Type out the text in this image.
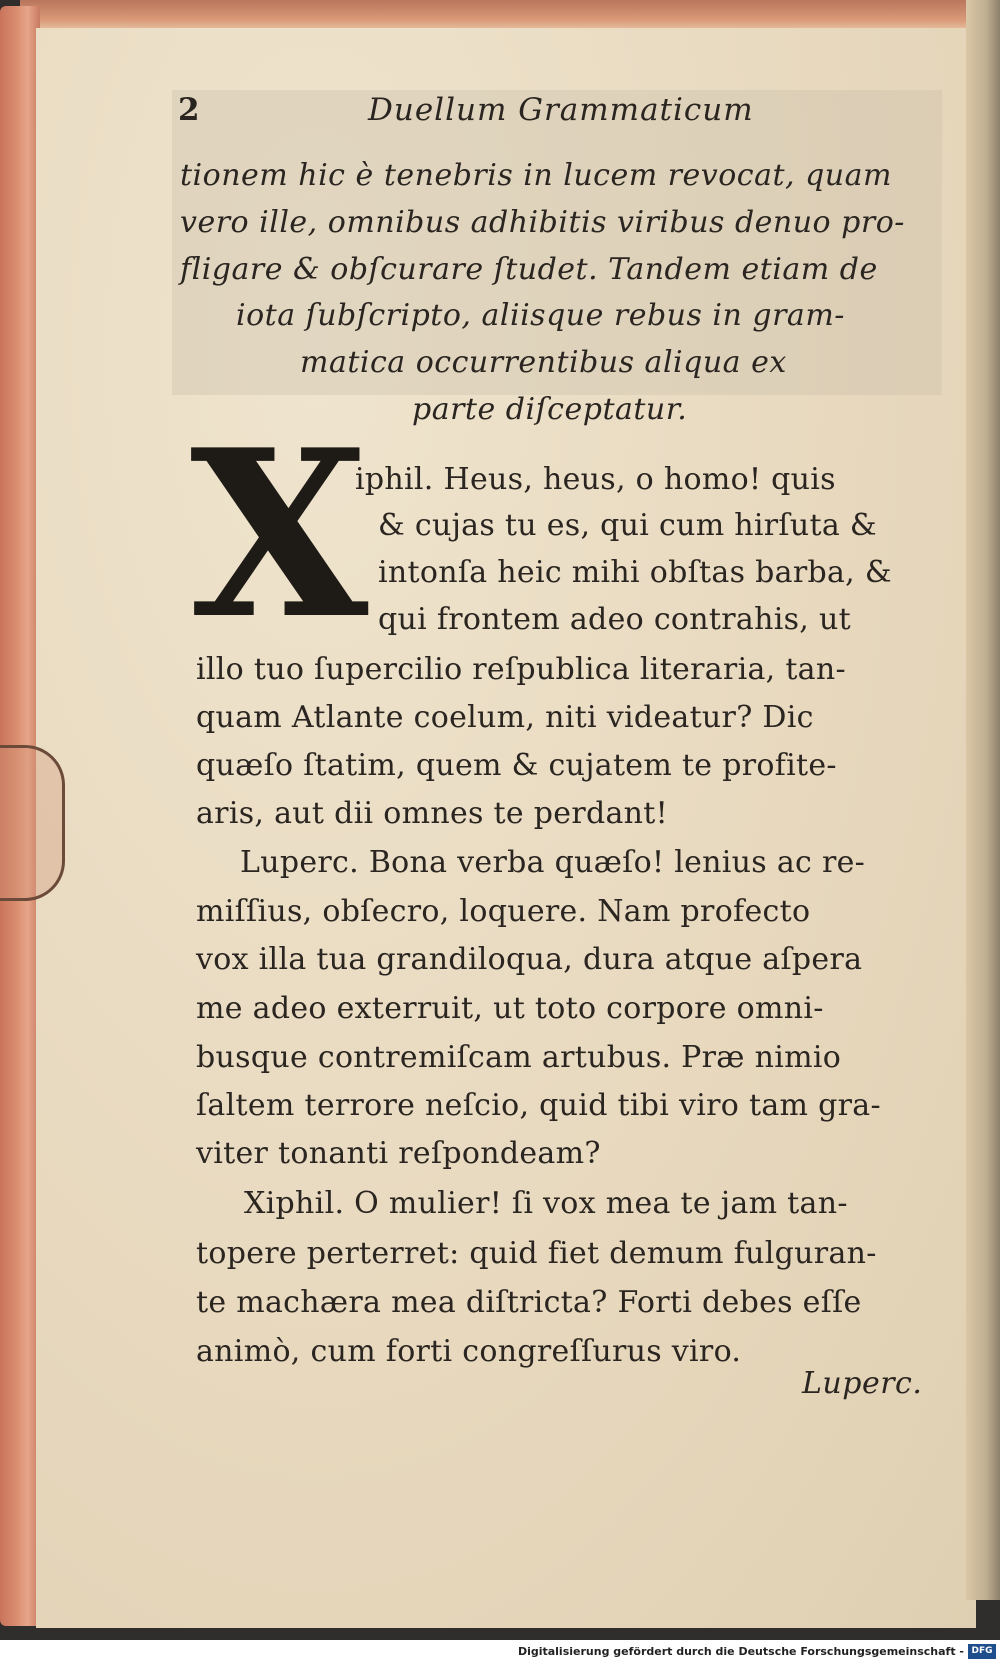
2	Duellum Grammaticum
tionem hic è tenebris in lucem revocat, quam
vero ille, omnibus adhibitis viribus denuo pro-
fligare & obſcurare ſtudet. Tandem etiam de
iota ſubſcripto, aliisque rebus in gram-
matica occurrentibus aliqua ex
parte diſceptatur.
X
iphil. Heus, heus, o homo! quis
& cujas tu es, qui cum hirſuta &
intonſa heic mihi obſtas barba, &
qui frontem adeo contrahis, ut
illo tuo ſupercilio reſpublica literaria, tan-
quam Atlante coelum, niti videatur? Dic
quæſo ſtatim, quem & cujatem te profite-
aris, aut dii omnes te perdant!
Luperc. Bona verba quæſo! lenius ac re-
miſſius, obſecro, loquere. Nam profecto
vox illa tua grandiloqua, dura atque aſpera
me adeo exterruit, ut toto corpore omni-
busque contremiſcam artubus. Præ nimio
ſaltem terrore neſcio, quid tibi viro tam gra-
viter tonanti reſpondeam?
Xiphil. O mulier! ſi vox mea te jam tan-
topere perterret: quid fiet demum fulguran-
te machæra mea diſtricta? Forti debes eſſe
animò, cum forti congreſſurus viro.
Luperc.
Digitalisierung gefördert durch die Deutsche Forschungsgemeinschaft - DFG
